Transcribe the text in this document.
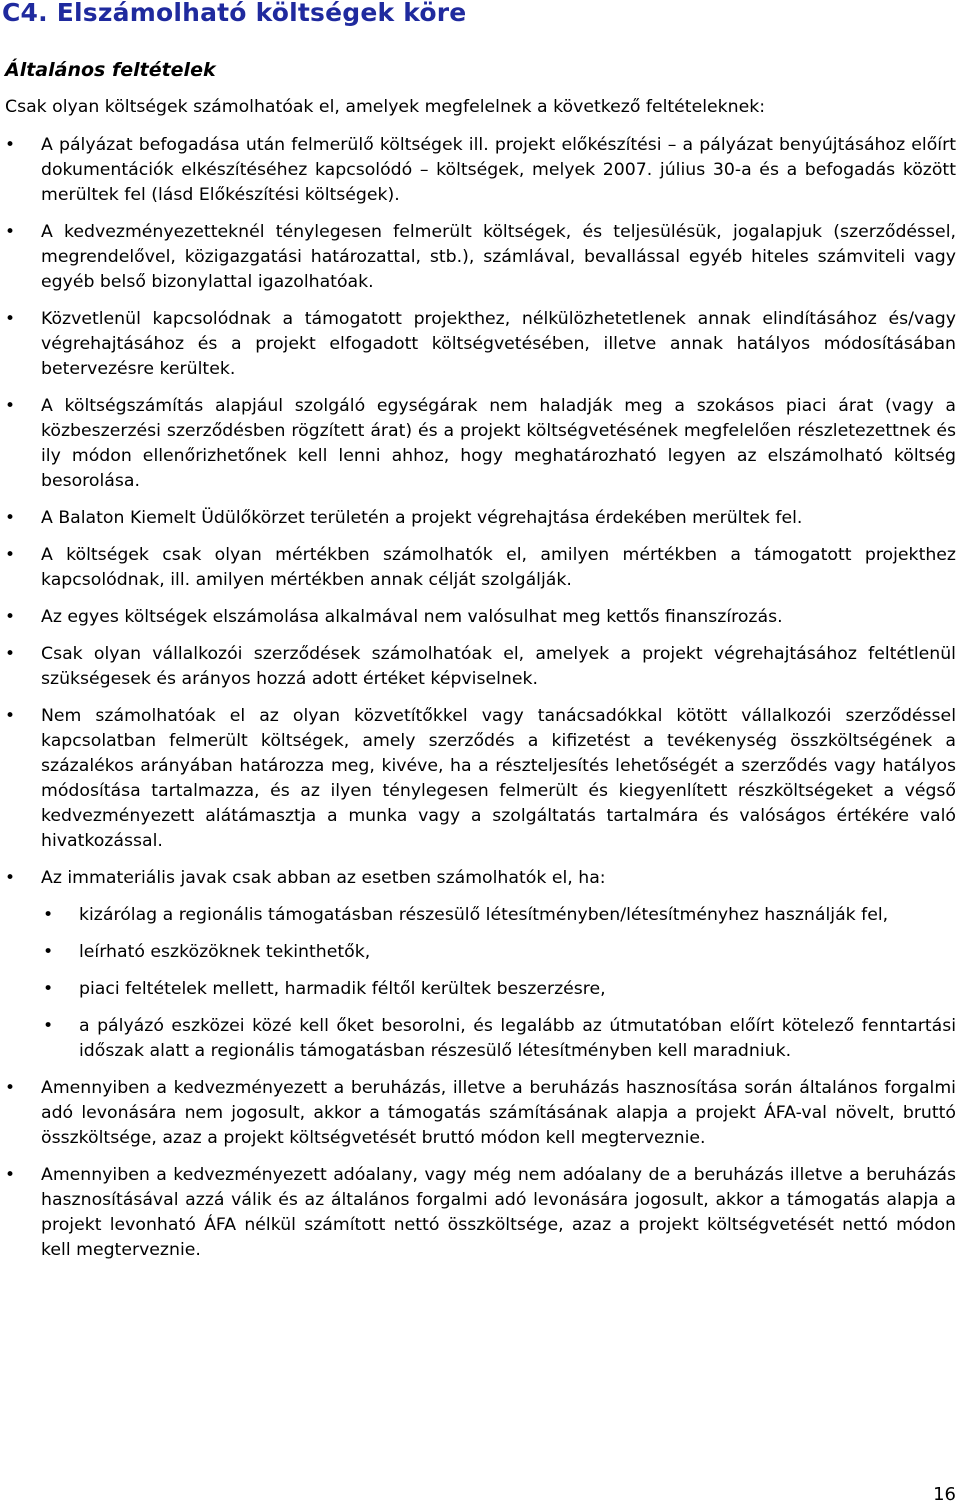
C4. Elszámolható költségek köre
Általános feltételek

Csak olyan költségek számolhatóak el, amelyek megfelelnek a következő feltételeknek:

•	A pályázat befogadása után felmerülő költségek ill. projekt előkészítési – a pályázat benyújtásához előírt dokumentációk elkészítéséhez kapcsolódó – költségek, melyek 2007. július 30-a és a befogadás között merültek fel (lásd Előkészítési költségek).
•	A kedvezményezetteknél ténylegesen felmerült költségek, és teljesülésük, jogalapjuk (szerződéssel, megrendelővel, közigazgatási határozattal, stb.), számlával, bevallással egyéb hiteles számviteli vagy egyéb belső bizonylattal igazolhatóak.
•	Közvetlenül kapcsolódnak a támogatott projekthez, nélkülözhetetlenek annak elindításához és/vagy végrehajtásához és a projekt elfogadott költségvetésében, illetve annak hatályos módosításában betervezésre kerültek.
•	A költségszámítás alapjául szolgáló egységárak nem haladják meg a szokásos piaci árat (vagy a közbeszerzési szerződésben rögzített árat) és a projekt költségvetésének megfelelően részletezettnek és ily módon ellenőrizhetőnek kell lenni ahhoz, hogy meghatározható legyen az elszámolható költség besorolása.
•	A Balaton Kiemelt Üdülőkörzet területén a projekt végrehajtása érdekében merültek fel.
•	A költségek csak olyan mértékben számolhatók el, amilyen mértékben a támogatott projekthez kapcsolódnak, ill. amilyen mértékben annak célját szolgálják.
•	Az egyes költségek elszámolása alkalmával nem valósulhat meg kettős finanszírozás.
•	Csak olyan vállalkozói szerződések számolhatóak el, amelyek a projekt végrehajtásához feltétlenül szükségesek és arányos hozzá adott értéket képviselnek.
•	Nem számolhatóak el az olyan közvetítőkkel vagy tanácsadókkal kötött vállalkozói szerződéssel kapcsolatban felmerült költségek, amely szerződés a kifizetést a tevékenység összköltségének a százalékos arányában határozza meg, kivéve, ha a részteljesítés lehetőségét a szerződés vagy hatályos módosítása tartalmazza, és az ilyen ténylegesen felmerült és kiegyenlített részköltségeket a végső kedvezményezett alátámasztja a munka vagy a szolgáltatás tartalmára és valóságos értékére való hivatkozással.
•	Az immateriális javak csak abban az esetben számolhatók el, ha:
•	kizárólag a regionális támogatásban részesülő létesítményben/létesítményhez használják fel,
•	leírható eszközöknek tekinthetők,
•	piaci feltételek mellett, harmadik féltől kerültek beszerzésre,
•	a pályázó eszközei közé kell őket besorolni, és legalább az útmutatóban előírt kötelező fenntartási időszak alatt a regionális támogatásban részesülő létesítményben kell maradniuk.
•	Amennyiben a kedvezményezett a beruházás, illetve a beruházás hasznosítása során általános forgalmi adó levonására nem jogosult, akkor a támogatás számításának alapja a projekt ÁFA-val növelt, bruttó összköltsége, azaz a projekt költségvetését bruttó módon kell megterveznie.
•	Amennyiben a kedvezményezett adóalany, vagy még nem adóalany de a beruházás illetve a beruházás hasznosításával azzá válik és az általános forgalmi adó levonására jogosult, akkor a támogatás alapja a projekt levonható ÁFA nélkül számított nettó összköltsége, azaz a projekt költségvetését nettó módon kell megterveznie.
16
